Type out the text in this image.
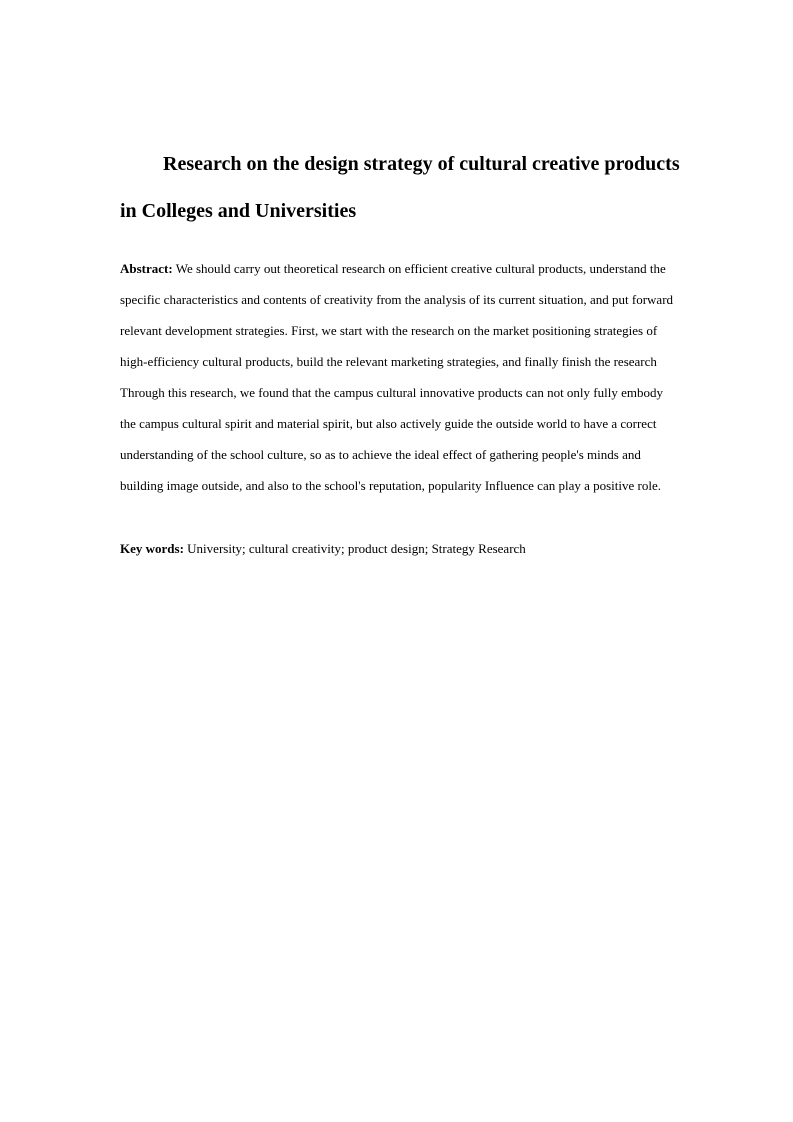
Research on the design strategy of cultural creative products in Colleges and Universities

Abstract: We should carry out theoretical research on efficient creative cultural products, understand the specific characteristics and contents of creativity from the analysis of its current situation, and put forward relevant development strategies. First, we start with the research on the market positioning strategies of high-efficiency cultural products, build the relevant marketing strategies, and finally finish the research Through this research, we found that the campus cultural innovative products can not only fully embody the campus cultural spirit and material spirit, but also actively guide the outside world to have a correct understanding of the school culture, so as to achieve the ideal effect of gathering people's minds and building image outside, and also to the school's reputation, popularity Influence can play a positive role.

Key words: University; cultural creativity; product design; Strategy Research
